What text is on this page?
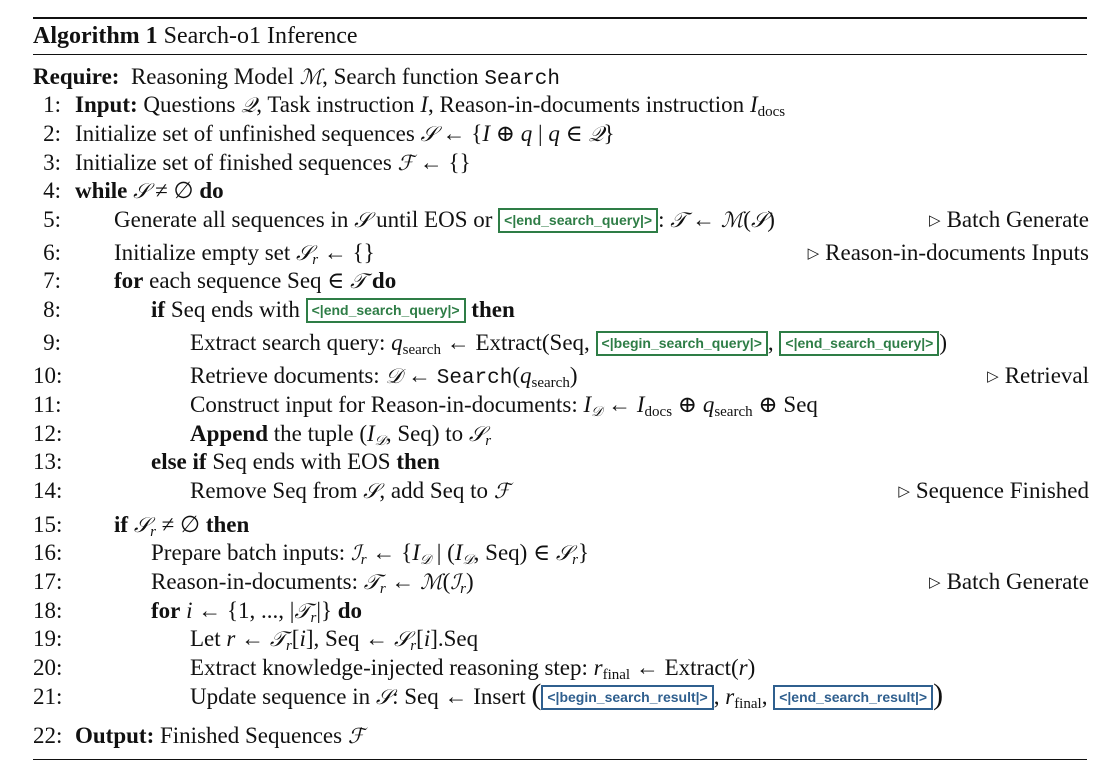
Algorithm 1 Search-o1 Inference
Require: Reasoning Model ℳ, Search function Search
1: Input: Questions 𝒬, Task instruction I, Reason-in-documents instruction $I_{docs}$
2: Initialize set of unfinished sequences 𝒮 ← {I ⊕ q | q ∈ 𝒬}
3: Initialize set of finished sequences ℱ ← {}
4: while 𝒮 ≠ ∅ do
5: Generate all sequences in 𝒮 until EOS or <|end_search_query|> : 𝒯 ← ℳ(𝒮)	▷ Batch Generate
6: Initialize empty set 𝒮$_r$ ← {}	▷ Reason-in-documents Inputs
7: for each sequence Seq ∈ 𝒯 do
8:	if Seq ends with <|end_search_query|> then
9:	Extract search query: $q_{search}$ ← Extract(Seq, <|begin_search_query|> , <|end_search_query|> )
10:	Retrieve documents: 𝒟 ← $Search(q_{search})$	▷ Retrieval
11:	Construct input for Reason-in-documents: $I_𝒟$ ← $I_{docs}$ ⊕ $q_{search}$ ⊕ Seq
12:	Append the tuple ($I_𝒟$, Seq) to 𝒮$_r$
13:	else if Seq ends with EOS then
14:	Remove Seq from 𝒮, add Seq to ℱ	▷ Sequence Finished
15: if 𝒮$_r$ ≠ ∅ then
16:	Prepare batch inputs: ℐ$_r$ ← {$I_𝒟$ | ($I_𝒟$, Seq) ∈ 𝒮$_r$}
17:	Reason-in-documents: 𝒯$_r$ ← ℳ(ℐ$_r$)	▷ Batch Generate
18:	for i ← {1, ..., |𝒯$_r$|} do
19:	Let r ← 𝒯$_r$[i], Seq ← 𝒮$_r$[i].Seq
20:	Extract knowledge-injected reasoning step: $r_{final}$ ← Extract(r)
21:	Update sequence in 𝒮: Seq ← Insert ( <|begin_search_result|> , $r_{final}$, <|end_search_result|> )
22: Output: Finished Sequences ℱ
